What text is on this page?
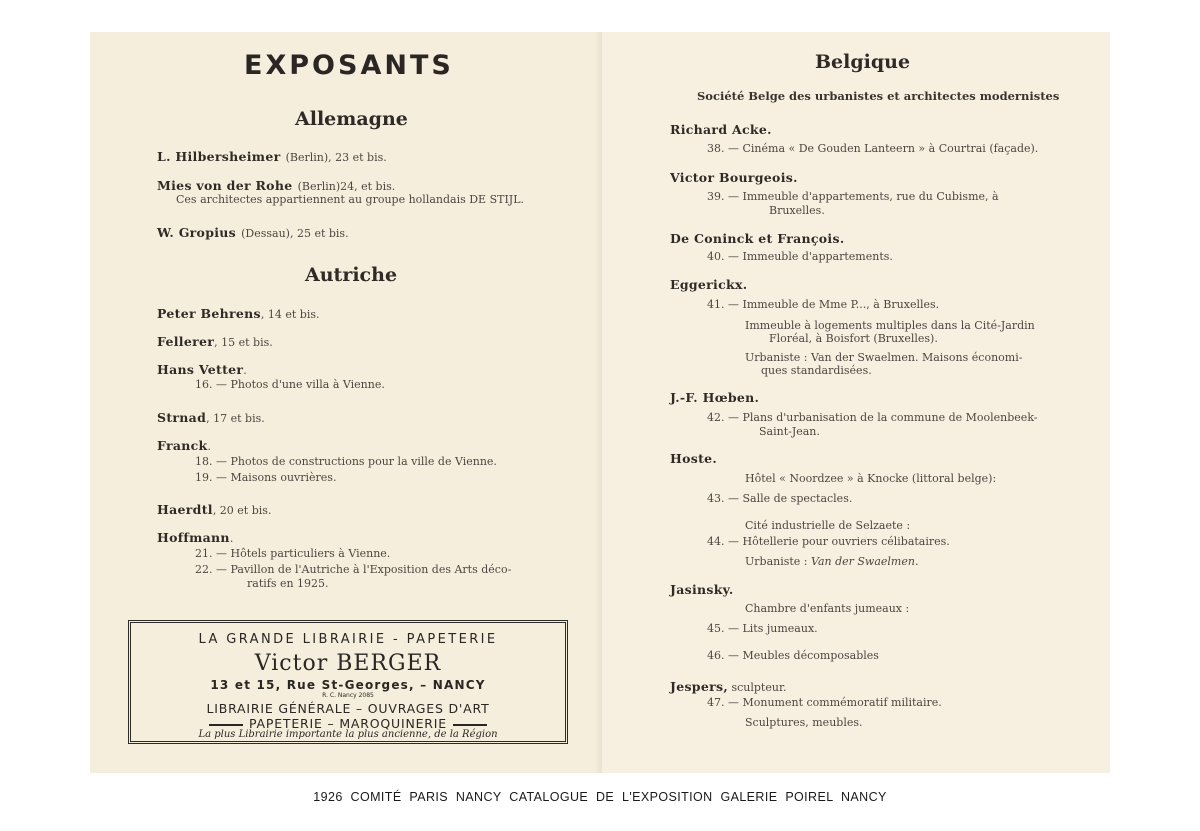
EXPOSANTS
Allemagne
L. Hilbersheimer (Berlin), 23 et bis.
Mies von der Rohe (Berlin)24, et bis.
Ces architectes appartiennent au groupe hollandais DE STIJL.
W. Gropius (Dessau), 25 et bis.
Autriche
Peter Behrens, 14 et bis.
Fellerer, 15 et bis.
Hans Vetter.
16. — Photos d'une villa à Vienne.
Strnad, 17 et bis.
Franck.
18. — Photos de constructions pour la ville de Vienne.
19. — Maisons ouvrières.
Haerdtl, 20 et bis.
Hoffmann.
21. — Hôtels particuliers à Vienne.
22. — Pavillon de l'Autriche à l'Exposition des Arts déco-
ratifs en 1925.
LA GRANDE LIBRAIRIE - PAPETERIE
Victor BERGER
13 et 15, Rue St-Georges, – NANCY
R. C. Nancy 2085
LIBRAIRIE GÉNÉRALE – OUVRAGES D'ART
PAPETERIE – MAROQUINERIE
La plus Librairie importante la plus ancienne, de la Région
Belgique
Société Belge des urbanistes et architectes modernistes
Richard Acke.
38. — Cinéma « De Gouden Lanteern » à Courtrai (façade).
Victor Bourgeois.
39. — Immeuble d'appartements, rue du Cubisme, à
Bruxelles.
De Coninck et François.
40. — Immeuble d'appartements.
Eggerickx.
41. — Immeuble de Mme P..., à Bruxelles.
Immeuble à logements multiples dans la Cité-Jardin
Floréal, à Boisfort (Bruxelles).
Urbaniste : Van der Swaelmen. Maisons économi-
ques standardisées.
J.-F. Hœben.
42. — Plans d'urbanisation de la commune de Moolenbeek-
Saint-Jean.
Hoste.
Hôtel « Noordzee » à Knocke (littoral belge):
43. — Salle de spectacles.
Cité industrielle de Selzaete :
44. — Hôtellerie pour ouvriers célibataires.
Urbaniste : Van der Swaelmen.
Jasinsky.
Chambre d'enfants jumeaux :
45. — Lits jumeaux.
46. — Meubles décomposables
Jespers, sculpteur.
47. — Monument commémoratif militaire.
Sculptures, meubles.
1926 COMITÉ PARIS NANCY CATALOGUE DE L'EXPOSITION GALERIE POIREL NANCY
